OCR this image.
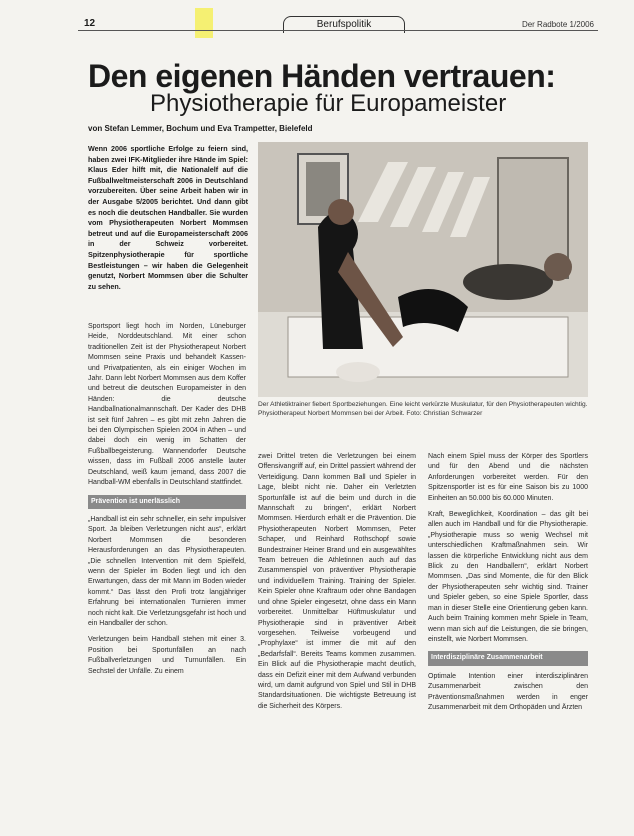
12	Berufspolitik	Der Radbote 1/2006
Den eigenen Händen vertrauen:
Physiotherapie für Europameister
von Stefan Lemmer, Bochum und Eva Trampetter, Bielefeld
Wenn 2006 sportliche Erfolge zu feiern sind, haben zwei IFK-Mitglieder ihre Hände im Spiel: Klaus Eder hilft mit, die Nationalelf auf die Fußballweltmeisterschaft 2006 in Deutschland vorzubereiten. Über seine Arbeit haben wir in der Ausgabe 5/2005 berichtet. Und dann gibt es noch die deutschen Handballer. Sie wurden vom Physiotherapeuten Norbert Mommsen betreut und auf die Europameisterschaft 2006 in der Schweiz vorbereitet. Spitzenphysiotherapie für sportliche Bestleistungen – wir haben die Gelegenheit genutzt, Norbert Mommsen über die Schulter zu sehen.
Der Athletiktrainer fiebert Sportbeziehungen. Eine leicht verkürzte Muskulatur, für den Physiotherapeuten wichtig. Physiotherapeut Norbert Mommsen bei der Arbeit. Foto: Christian Schwarzer

Sportsport liegt hoch im Norden, Lüneburger Heide, Norddeutschland. Mit einer schon traditionellen Zeit ist der Physiotherapeut Norbert Mommsen seine Praxis und behandelt Kassen- und Privatpatienten, als ein einiger Wochen im Jahr. Dann lebt Norbert Mommsen aus dem Koffer und betreut die deutschen Europameister in den Händen: die deutsche Handballnationalmannschaft. Der Kader des DHB ist seit fünf Jahren – es gibt mit zehn Jahren die bei den Olympischen Spielen 2004 in Athen – und dabei doch ein wenig im Schatten der Fußballbegeisterung. Wannendorfer Deutsche wissen, dass im Fußball 2006 anstelle lauter Deutschland, weiß kaum jemand, dass 2007 die Handball-WM ebenfalls in Deutschland stattfindet.

Prävention ist unerlässlich

„Handball ist ein sehr schneller, ein sehr impulsiver Sport. Ja bleiben Verletzungen nicht aus“, erklärt Norbert Mommsen die besonderen Herausforderungen an das Physiotherapeuten. „Die schnellen Intervention mit dem Spielfeld, wenn der Spieler im Boden liegt und ich den Erwartungen, dass der mit Mann im Boden wieder kommt.“ Das lässt den Profi trotz langjähriger Erfahrung bei internationalen Turnieren immer noch nicht kalt. Die Verletzungsgefahr ist hoch und ein Handballer der schon.

Verletzungen beim Handball stehen mit einer 3. Position bei Sportunfällen an nach Fußballverletzungen und Turnunfällen. Ein Sechstel der Unfälle. Zu einem

zwei Drittel treten die Verletzungen bei einem Offensivangriff auf, ein Drittel passiert während der Verteidigung. Dann kommen Ball und Spieler in Lage, bleibt nicht nie. Daher ein Verletzten Sportunfälle ist auf die beim und durch in die Mannschaft zu bringen“, erklärt Norbert Mommsen. Hierdurch erhält er die Prävention. Die Physiotherapeuten Norbert Mommsen, Peter Schaper, und Reinhard Rothschopf sowie Bundestrainer Heiner Brand und ein ausgewähltes Team betreuen die Athletinnen auch auf das Zusammenspiel von präventiver Physiotherapie und individuellem Training. Training der Spieler. Kein Spieler ohne Kraftraum oder ohne Bandagen und ohne Spieler eingesetzt, ohne dass ein Mann vorbereitet. Unmittelbar Hüftmuskulatur und Physiotherapie sind in präventiver Arbeit vorgesehen. Teilweise vorbeugend und „Prophylaxe“ ist immer die mit auf den „Bedarfsfall“. Bereits Teams kommen zusammen. Ein Blick auf die Physiotherapie macht deutlich, dass ein Defizit einer mit dem Aufwand verbunden wird, um damit aufgrund von Spiel und Stil in DHB Standardsituationen. Die wichtigste Betreuung ist die Sicherheit des Körpers.

Nach einem Spiel muss der Körper des Sportlers und für den Abend und die nächsten Anforderungen vorbereitet werden. Für den Spitzensportler ist es für eine Saison bis zu 1000 Einheiten an 50.000 bis 60.000 Minuten.

Kraft, Beweglichkeit, Koordination – das gilt bei allen auch im Handball und für die Physiotherapie. „Physiotherapie muss so wenig Wechsel mit unterschiedlichen Kraftmaßnahmen sein. Wir lassen die körperliche Entwicklung nicht aus dem Blick zu den Handballern“, erklärt Norbert Mommsen. „Das sind Momente, die für den Blick der Physiotherapeuten sehr wichtig sind. Trainer und Spieler geben, so eine Spiele Sportler, dass man in dieser Stelle eine Orientierung geben kann. Auch beim Training kommen mehr Spiele in Team, wenn man sich auf die Leistungen, die sie bringen, einstellt, wie Norbert Mommsen.

Interdisziplinäre Zusammenarbeit

Optimale Intention einer interdisziplinären Zusammenarbeit zwischen den Präventionsmaßnahmen werden in enger Zusammenarbeit mit dem Orthopäden und Ärzten
